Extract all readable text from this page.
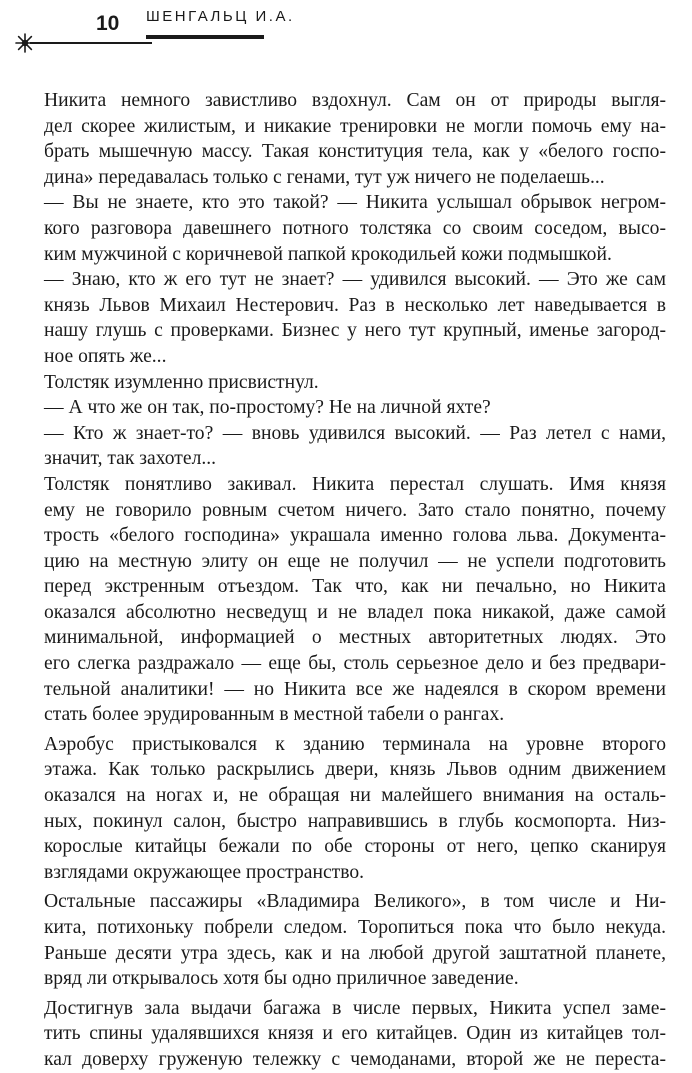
10 ШЕНГАЛЬЦ И.А.

Никита немного завистливо вздохнул. Сам он от природы выгля-

дел скорее жилистым, и никакие тренировки не могли помочь ему на-

брать мышечную массу. Такая конституция тела, как у «белого госпо-

дина» передавалась только с генами, тут уж ничего не поделаешь...

— Вы не знаете, кто это такой? — Никита услышал обрывок негром-

кого разговора давешнего потного толстяка со своим соседом, высо-

ким мужчиной с коричневой папкой крокодильей кожи подмышкой.

— Знаю, кто ж его тут не знает? — удивился высокий. — Это же сам

князь Львов Михаил Нестерович. Раз в несколько лет наведывается в

нашу глушь с проверками. Бизнес у него тут крупный, именье загород-

ное опять же...

Толстяк изумленно присвистнул.

— А что же он так, по-простому? Не на личной яхте?

— Кто ж знает-то? — вновь удивился высокий. — Раз летел с нами,

значит, так захотел...

Толстяк понятливо закивал. Никита перестал слушать. Имя князя

ему не говорило ровным счетом ничего. Зато стало понятно, почему

трость «белого господина» украшала именно голова льва. Документа-

цию на местную элиту он еще не получил — не успели подготовить

перед экстренным отъездом. Так что, как ни печально, но Никита

оказался абсолютно несведущ и не владел пока никакой, даже самой

минимальной, информацией о местных авторитетных людях. Это

его слегка раздражало — еще бы, столь серьезное дело и без предвари-

тельной аналитики! — но Никита все же надеялся в скором времени

стать более эрудированным в местной табели о рангах.

Аэробус пристыковался к зданию терминала на уровне второго

этажа. Как только раскрылись двери, князь Львов одним движением

оказался на ногах и, не обращая ни малейшего внимания на осталь-

ных, покинул салон, быстро направившись в глубь космопорта. Низ-

корослые китайцы бежали по обе стороны от него, цепко сканируя

взглядами окружающее пространство.

Остальные пассажиры «Владимира Великого», в том числе и Ни-

кита, потихоньку побрели следом. Торопиться пока что было некуда.

Раньше десяти утра здесь, как и на любой другой заштатной планете,

вряд ли открывалось хотя бы одно приличное заведение.

Достигнув зала выдачи багажа в числе первых, Никита успел заме-

тить спины удалявшихся князя и его китайцев. Один из китайцев тол-

кал доверху груженую тележку с чемоданами, второй же не переста-
